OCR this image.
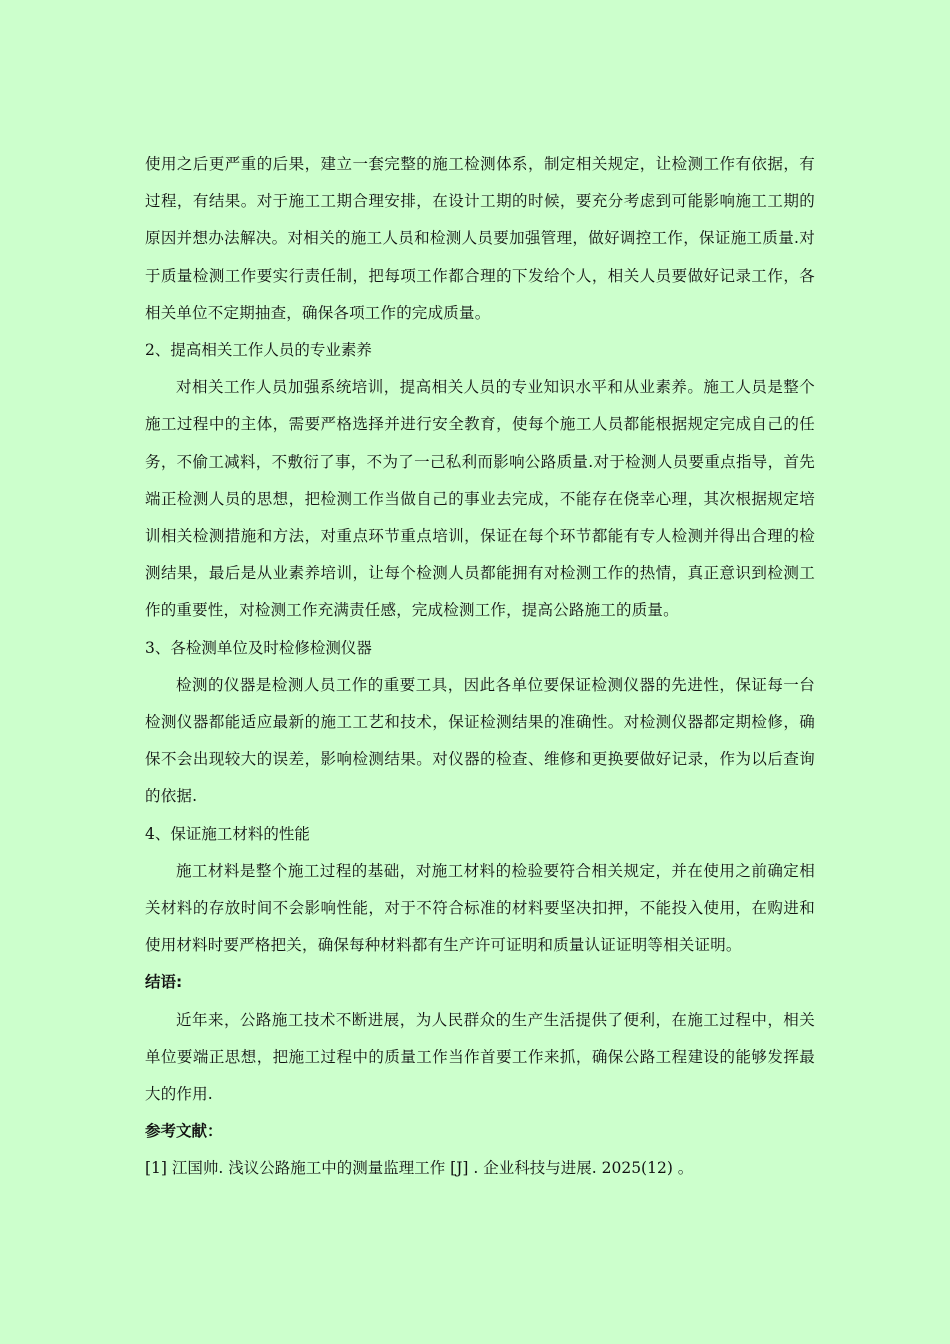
使用之后更严重的后果，建立一套完整的施工检测体系，制定相关规定，让检测工作有依据，有过程，有结果。对于施工工期合理安排，在设计工期的时候，要充分考虑到可能影响施工工期的原因并想办法解决。对相关的施工人员和检测人员要加强管理，做好调控工作，保证施工质量.对于质量检测工作要实行责任制，把每项工作都合理的下发给个人，相关人员要做好记录工作，各相关单位不定期抽查，确保各项工作的完成质量。

2、提高相关工作人员的专业素养

对相关工作人员加强系统培训，提高相关人员的专业知识水平和从业素养。施工人员是整个施工过程中的主体，需要严格选择并进行安全教育，使每个施工人员都能根据规定完成自己的任务，不偷工减料，不敷衍了事，不为了一己私利而影响公路质量.对于检测人员要重点指导，首先端正检测人员的思想，把检测工作当做自己的事业去完成，不能存在侥幸心理，其次根据规定培训相关检测措施和方法，对重点环节重点培训，保证在每个环节都能有专人检测并得出合理的检测结果，最后是从业素养培训，让每个检测人员都能拥有对检测工作的热情，真正意识到检测工作的重要性，对检测工作充满责任感，完成检测工作，提高公路施工的质量。

3、各检测单位及时检修检测仪器

检测的仪器是检测人员工作的重要工具，因此各单位要保证检测仪器的先进性，保证每一台检测仪器都能适应最新的施工工艺和技术，保证检测结果的准确性。对检测仪器都定期检修，确保不会出现较大的误差，影响检测结果。对仪器的检查、维修和更换要做好记录，作为以后查询的依据.

4、保证施工材料的性能

施工材料是整个施工过程的基础，对施工材料的检验要符合相关规定，并在使用之前确定相关材料的存放时间不会影响性能，对于不符合标准的材料要坚决扣押，不能投入使用，在购进和使用材料时要严格把关，确保每种材料都有生产许可证明和质量认证证明等相关证明。

结语:

近年来，公路施工技术不断进展，为人民群众的生产生活提供了便利，在施工过程中，相关单位要端正思想，把施工过程中的质量工作当作首要工作来抓，确保公路工程建设的能够发挥最大的作用.

参考文献：

[1] 江国帅. 浅议公路施工中的测量监理工作 [J] . 企业科技与进展. 2025(12) 。
